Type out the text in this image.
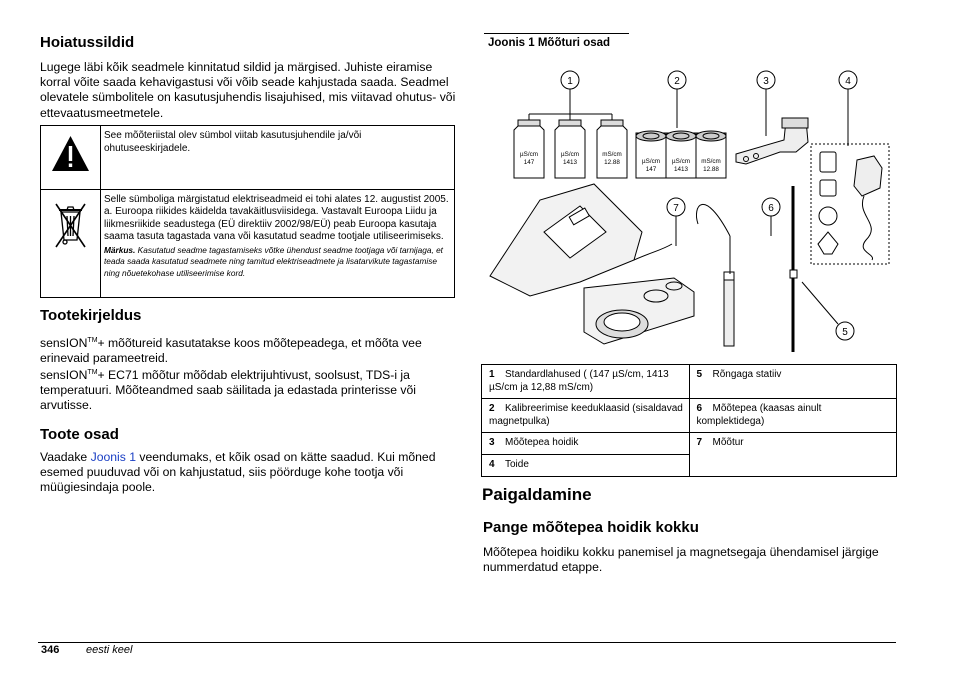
Hoiatussildid

Lugege läbi kõik seadmele kinnitatud sildid ja märgised. Juhiste eiramise korral võite saada kehavigastusi või võib seade kahjustada saada. Seadmel olevatele sümbolitele on kasutusjuhendis lisajuhised, mis viitavad ohutus- või ettevaatusmeetmetele.

	See mõõteriistal olev sümbol viitab kasutusjuhendile ja/või ohutuseeskirjadele.

Selle sümboliga märgistatud elektriseadmeid ei tohi alates 12. augustist 2005. a. Euroopa riikides käidelda tavakäitlusviisidega. Vastavalt Euroopa Liidu ja liikmesriikide seadustega (EÜ direktiiv 2002/98/EÜ) peab Euroopa kasutaja saama tasuta tagastada vana või kasutatud seadme tootjale utiliseerimiseks.
Märkus. Kasutatud seadme tagastamiseks võtke ühendust seadme tootjaga või tarnijaga, et teada saada kasutatud seadmete ning tamitud elektriseadmete ja lisatarvikute tagastamise ning nõuetekohase utiliseerimise kord.
Tootekirjeldus

sensION™+ mõõtureid kasutatakse koos mõõtepeadega, et mõõta vee erinevaid parameetreid.

sensION™+ EC71 mõõtur mõõdab elektrijuhtivust, soolsust, TDS-i ja temperatuuri. Mõõteandmed saab säilitada ja edastada printerisse või arvutisse.

Toote osad

Vaadake Joonis 1 veendumaks, et kõik osad on kätte saadud. Kui mõned esemed puuduvad või on kahjustatud, siis pöörduge kohe tootja või müügiesindaja poole.

Joonis 1 Mõõturi osad
µS/cm
147
µS/cm
1413
mS/cm
12.88	µS/cm
147
µS/cm
1413
mS/cm
12.88
1	2	3	4
7	6
5
1 Standardlahused ( (147 µS/cm, 1413 µS/cm ja 12,88 mS/cm)	5 Rõngaga statiiv
2 Kalibreerimise keeduklaasid (sisaldavad magnetpulka)	6 Mõõtepea (kaasas ainult komplektidega)
3 Mõõtepea hoidik	7 Mõõtur
4 Toide	
Paigaldamine
Pange mõõtepea hoidik kokku

Mõõtepea hoidiku kokku panemisel ja magnetsegaja ühendamisel järgige nummerdatud etappe.

346 eesti keel
